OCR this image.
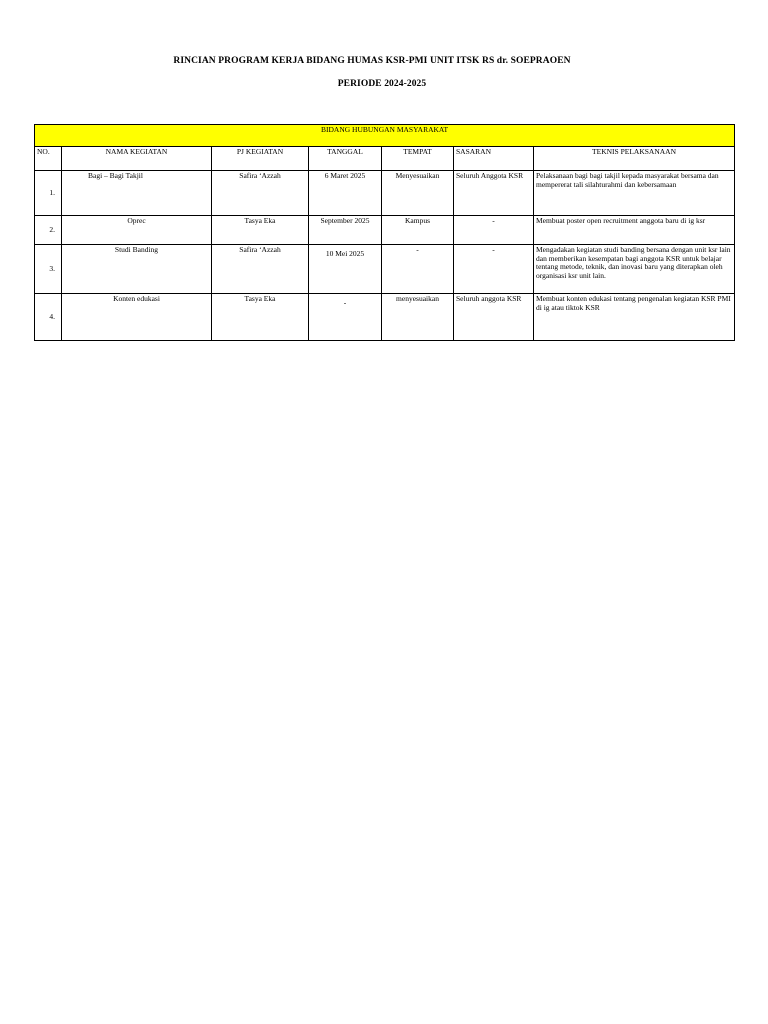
RINCIAN PROGRAM KERJA BIDANG HUMAS KSR-PMI UNIT ITSK RS dr. SOEPRAOEN
PERIODE 2024-2025
BIDANG HUBUNGAN MASYARAKAT						
NO.	NAMA KEGIATAN	PJ KEGIATAN	TANGGAL	TEMPAT	SASARAN	TEKNIS PELAKSANAAN
1.	Bagi – Bagi Takjil	Safira ‘Azzah	6 Maret 2025	Menyesuaikan	Seluruh Anggota KSR	Pelaksanaan bagi bagi takjil kepada masyarakat bersama dan mempererat tali silahturahmi dan kebersamaan
2.	Oprec	Tasya Eka	September 2025	Kampus	-	Membuat poster open recruitment anggota baru di ig ksr
3.	Studi Banding	Safira ‘Azzah	10 Mei 2025	-	-	Mengadakan kegiatan studi banding bersana dengan unit ksr lain dan memberikan kesempatan bagi anggota KSR untuk belajar tentang metode, teknik, dan inovasi baru yang diterapkan oleh organisasi ksr unit lain.
4.	Konten edukasi	Tasya Eka	-	menyesuaikan	Seluruh anggota KSR	Membuat konten edukasi tentang pengenalan kegiatan KSR PMI di ig atau tiktok KSR
